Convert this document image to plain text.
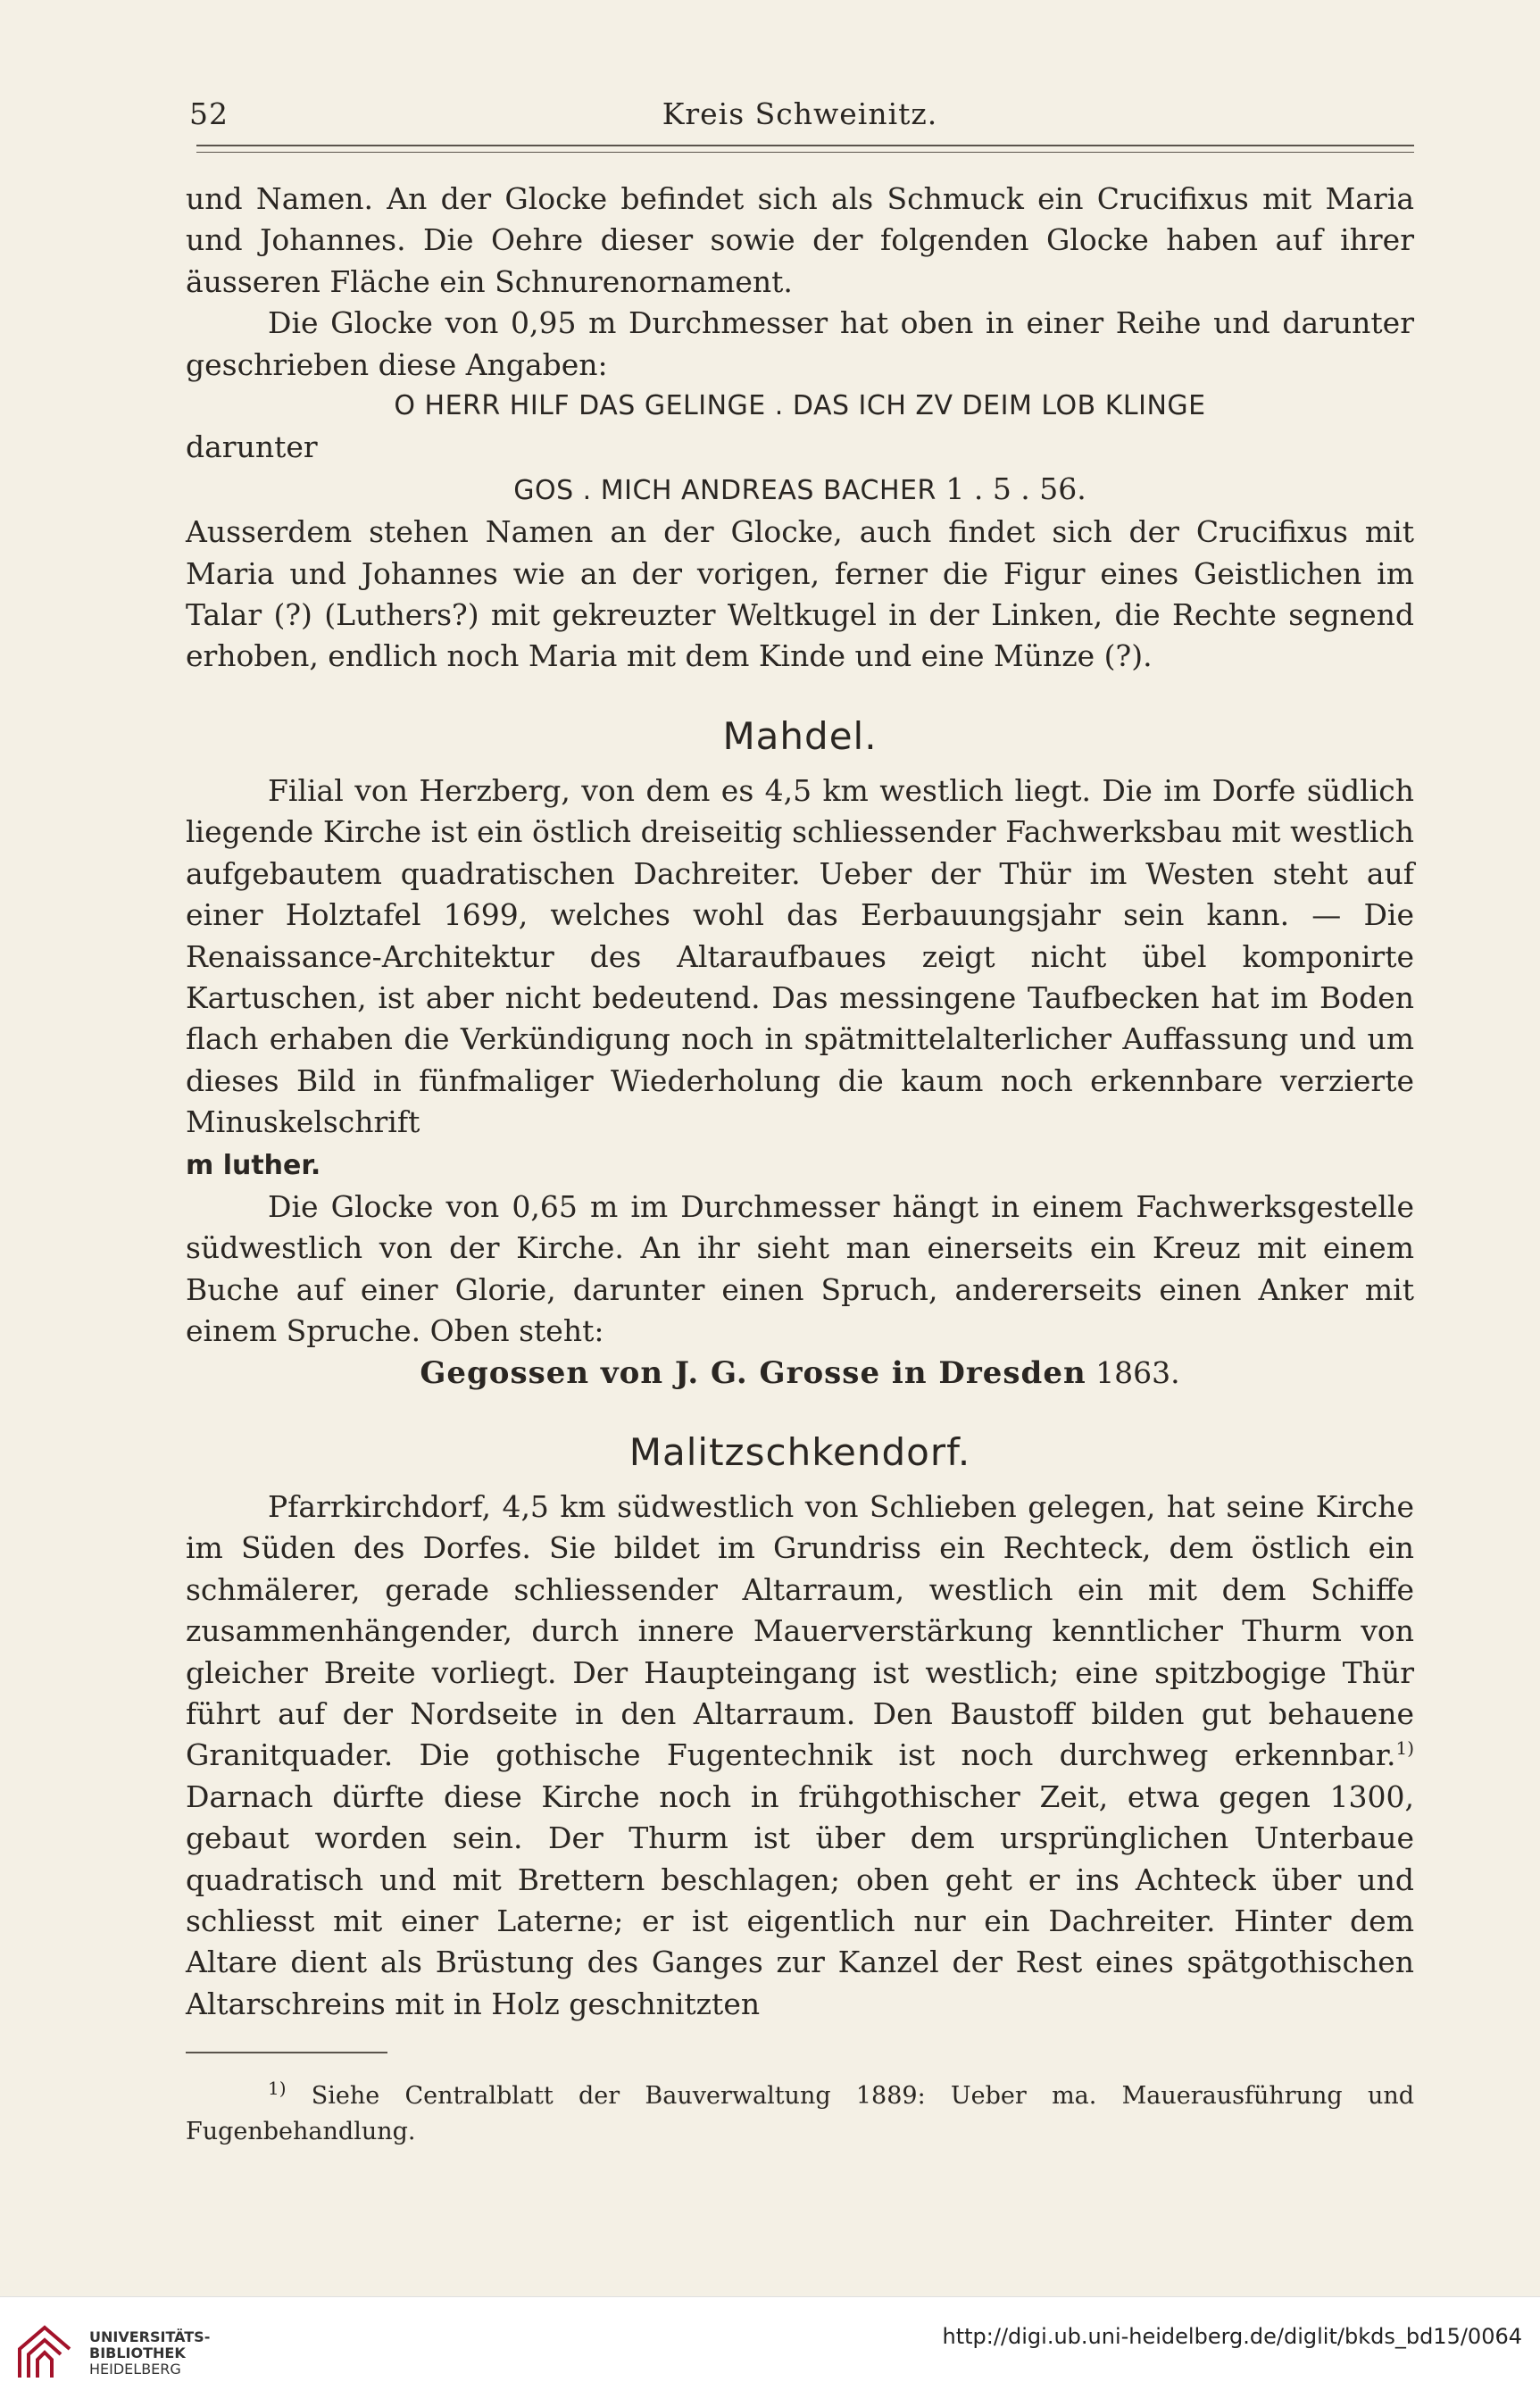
52	Kreis Schweinitz.

und Namen. An der Glocke befindet sich als Schmuck ein Crucifixus mit Maria und Johannes. Die Oehre dieser sowie der folgenden Glocke haben auf ihrer äusseren Fläche ein Schnurenornament.

Die Glocke von 0,95 m Durchmesser hat oben in einer Reihe und darunter geschrieben diese Angaben:

O HERR HILF DAS GELINGE . DAS ICH ZV DEIM LOB KLINGE

darunter

GOS . MICH ANDREAS BACHER 1 . 5 . 56.

Ausserdem stehen Namen an der Glocke, auch findet sich der Crucifixus mit Maria und Johannes wie an der vorigen, ferner die Figur eines Geistlichen im Talar (?) (Luthers?) mit gekreuzter Weltkugel in der Linken, die Rechte segnend erhoben, endlich noch Maria mit dem Kinde und eine Münze (?).

Mahdel.

Filial von Herzberg, von dem es 4,5 km westlich liegt. Die im Dorfe südlich liegende Kirche ist ein östlich dreiseitig schliessender Fachwerksbau mit westlich aufgebautem quadratischen Dachreiter. Ueber der Thür im Westen steht auf einer Holztafel 1699, welches wohl das Eerbauungsjahr sein kann. — Die Renaissance-Architektur des Altaraufbaues zeigt nicht übel komponirte Kartuschen, ist aber nicht bedeutend. Das messingene Taufbecken hat im Boden flach erhaben die Verkündigung noch in spätmittelalterlicher Auffassung und um dieses Bild in fünfmaliger Wiederholung die kaum noch erkennbare verzierte Minuskelschrift

m luther.

Die Glocke von 0,65 m im Durchmesser hängt in einem Fachwerksgestelle südwestlich von der Kirche. An ihr sieht man einerseits ein Kreuz mit einem Buche auf einer Glorie, darunter einen Spruch, andererseits einen Anker mit einem Spruche. Oben steht:

Gegossen von J. G. Grosse in Dresden 1863.

Malitzschkendorf.

Pfarrkirchdorf, 4,5 km südwestlich von Schlieben gelegen, hat seine Kirche im Süden des Dorfes. Sie bildet im Grundriss ein Rechteck, dem östlich ein schmälerer, gerade schliessender Altarraum, westlich ein mit dem Schiffe zusammenhängender, durch innere Mauerverstärkung kenntlicher Thurm von gleicher Breite vorliegt. Der Haupteingang ist westlich; eine spitzbogige Thür führt auf der Nordseite in den Altarraum. Den Baustoff bilden gut behauene Granitquader. Die gothische Fugentechnik ist noch durchweg erkennbar.$^{1)}$ Darnach dürfte diese Kirche noch in frühgothischer Zeit, etwa gegen 1300, gebaut worden sein. Der Thurm ist über dem ursprünglichen Unterbaue quadratisch und mit Brettern beschlagen; oben geht er ins Achteck über und schliesst mit einer Laterne; er ist eigentlich nur ein Dachreiter. Hinter dem Altare dient als Brüstung des Ganges zur Kanzel der Rest eines spätgothischen Altarschreins mit in Holz geschnitzten

$^{1)}$ Siehe Centralblatt der Bauverwaltung 1889: Ueber ma. Mauerausführung und Fugenbehandlung.

UNIVERSITÄTS-
BIBLIOTHEK
HEIDELBERG
http://digi.ub.uni-heidelberg.de/diglit/bkds_bd15/0064
